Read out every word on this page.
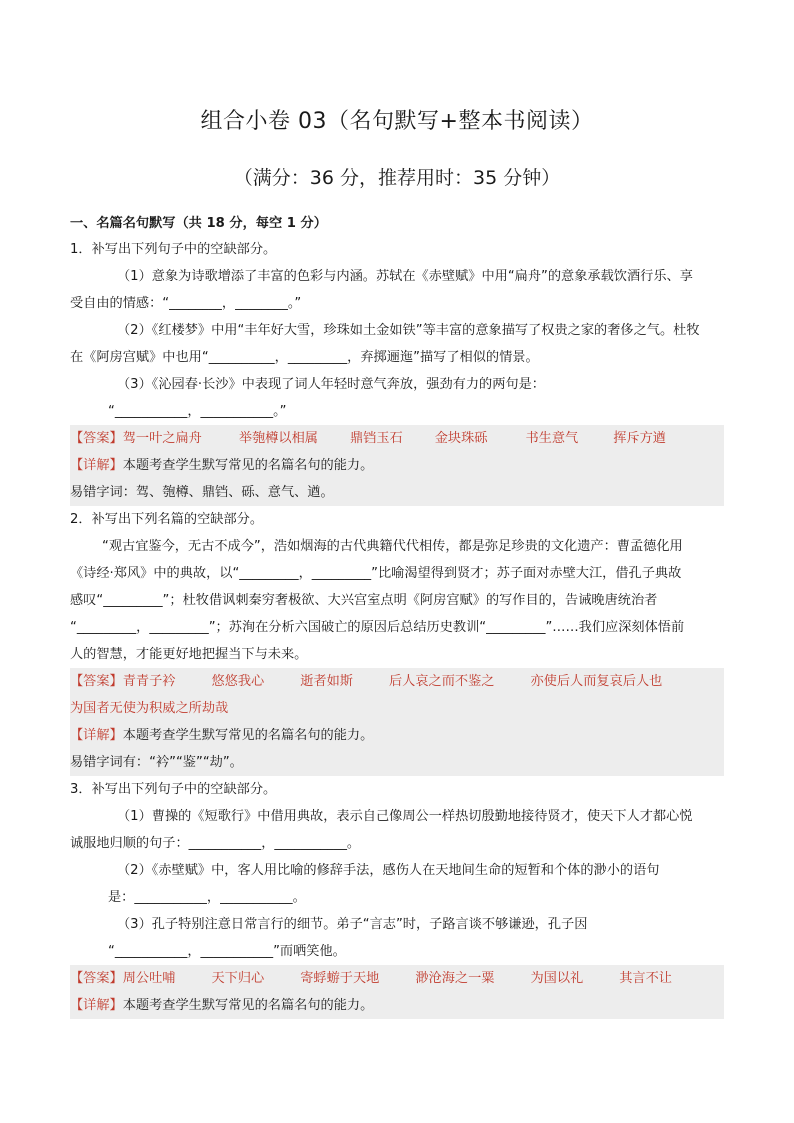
组合小卷 03（名句默写+整本书阅读）
（满分：36 分，推荐用时：35 分钟）
一、名篇名句默写（共 18 分，每空 1 分）
1．补写出下列句子中的空缺部分。
（1）意象为诗歌增添了丰富的色彩与内涵。苏轼在《赤壁赋》中用“扁舟”的意象承载饮酒行乐、享
受自由的情感：“________，________。”
（2）《红楼梦》中用“丰年好大雪，珍珠如土金如铁”等丰富的意象描写了权贵之家的奢侈之气。杜牧
在《阿房宫赋》中也用“__________，_________，弃掷逦迤”描写了相似的情景。
（3）《沁园春·长沙》中表现了词人年轻时意气奔放，强劲有力的两句是：
“___________，___________。”
【答案】驾一叶之扁舟	举匏樽以相属 鼎铛玉石 金块珠砾	书生意气	挥斥方遒
【详解】本题考查学生默写常见的名篇名句的能力。
易错字词：驾、匏樽、鼎铛、砾、意气、遒。
2．补写出下列名篇的空缺部分。
“观古宜鉴今，无古不成今”，浩如烟海的古代典籍代代相传，都是弥足珍贵的文化遗产：曹孟德化用
《诗经·郑风》中的典故，以“_________，_________”比喻渴望得到贤才；苏子面对赤壁大江，借孔子典故
感叹“_________”；杜牧借讽刺秦穷奢极欲、大兴宫室点明《阿房宫赋》的写作目的，告诫晚唐统治者
“_________，_________”；苏洵在分析六国破亡的原因后总结历史教训“_________”……我们应深刻体悟前
人的智慧，才能更好地把握当下与未来。
【答案】青青子衿	悠悠我心	逝者如斯	后人哀之而不鉴之	亦使后人而复哀后人也
为国者无使为积威之所劫哉
【详解】本题考查学生默写常见的名篇名句的能力。
易错字词有：“衿”“鉴”“劫”。
3．补写出下列句子中的空缺部分。
（1）曹操的《短歌行》中借用典故，表示自己像周公一样热切殷勤地接待贤才，使天下人才都心悦
诚服地归顺的句子：___________，___________。
（2）《赤壁赋》中，客人用比喻的修辞手法，感伤人在天地间生命的短暂和个体的渺小的语句
是：___________，___________。
（3）孔子特别注意日常言行的细节。弟子“言志”时，子路言谈不够谦逊，孔子因
“___________，___________”而哂笑他。
【答案】周公吐哺	天下归心	寄蜉蝣于天地	渺沧海之一粟	为国以礼	其言不让
【详解】本题考查学生默写常见的名篇名句的能力。
